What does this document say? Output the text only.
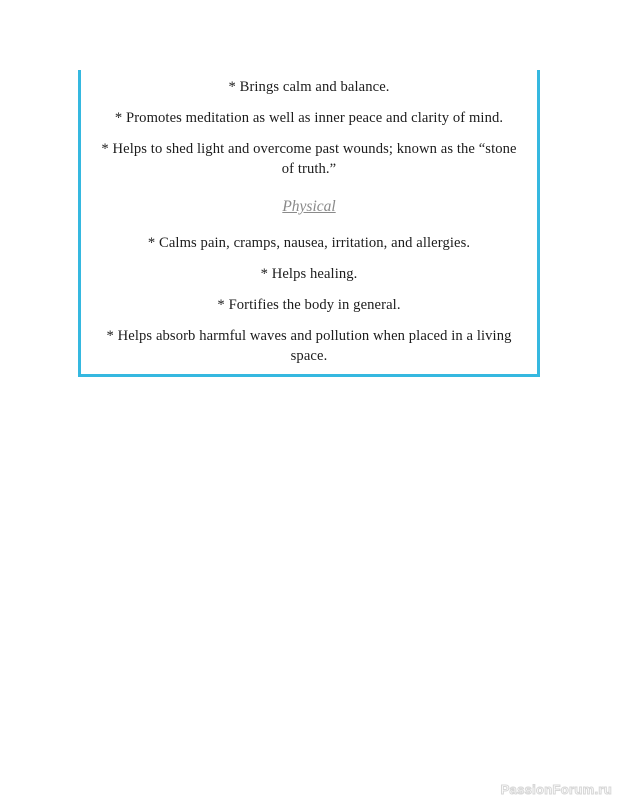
* Brings calm and balance.

* Promotes meditation as well as inner peace and clarity of mind.

* Helps to shed light and overcome past wounds; known as the “stone of truth.”

Physical

* Calms pain, cramps, nausea, irritation, and allergies.

* Helps healing.

* Fortifies the body in general.

* Helps absorb harmful waves and pollution when placed in a living space.

PassionForum.ru
